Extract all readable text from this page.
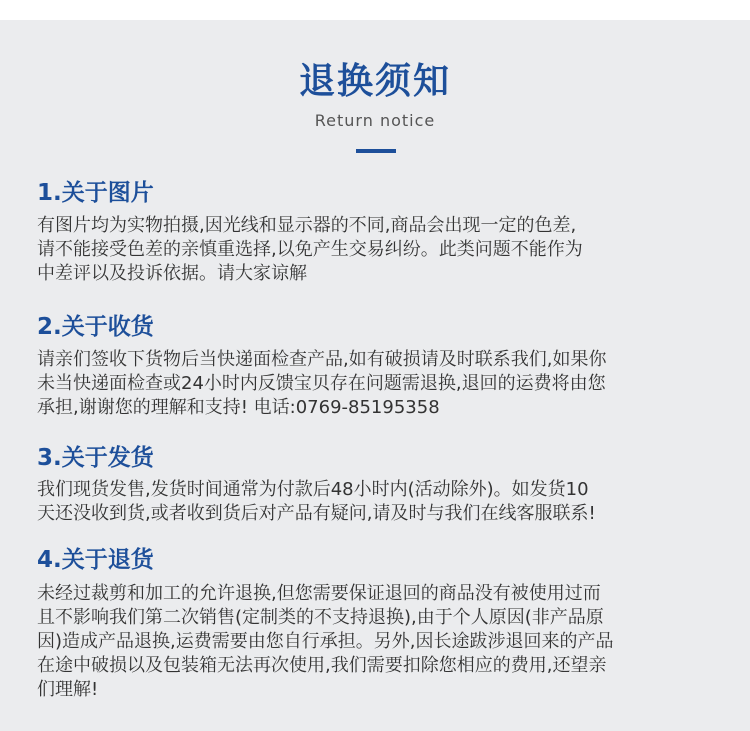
退换须知
Return notice
1.关于图片
有图片均为实物拍摄,因光线和显示器的不同,商品会出现一定的色差,
请不能接受色差的亲慎重选择,以免产生交易纠纷。此类问题不能作为
中差评以及投诉依据。请大家谅解
2.关于收货
请亲们签收下货物后当快递面检查产品,如有破损请及时联系我们,如果你
未当快递面检查或24小时内反馈宝贝存在问题需退换,退回的运费将由您
承担,谢谢您的理解和支持! 电话:0769-85195358
3.关于发货
我们现货发售,发货时间通常为付款后48小时内(活动除外)。如发货10
天还没收到货,或者收到货后对产品有疑问,请及时与我们在线客服联系!
4.关于退货
未经过裁剪和加工的允许退换,但您需要保证退回的商品没有被使用过而
且不影响我们第二次销售(定制类的不支持退换),由于个人原因(非产品原
因)造成产品退换,运费需要由您自行承担。另外,因长途跋涉退回来的产品
在途中破损以及包装箱无法再次使用,我们需要扣除您相应的费用,还望亲
们理解!
